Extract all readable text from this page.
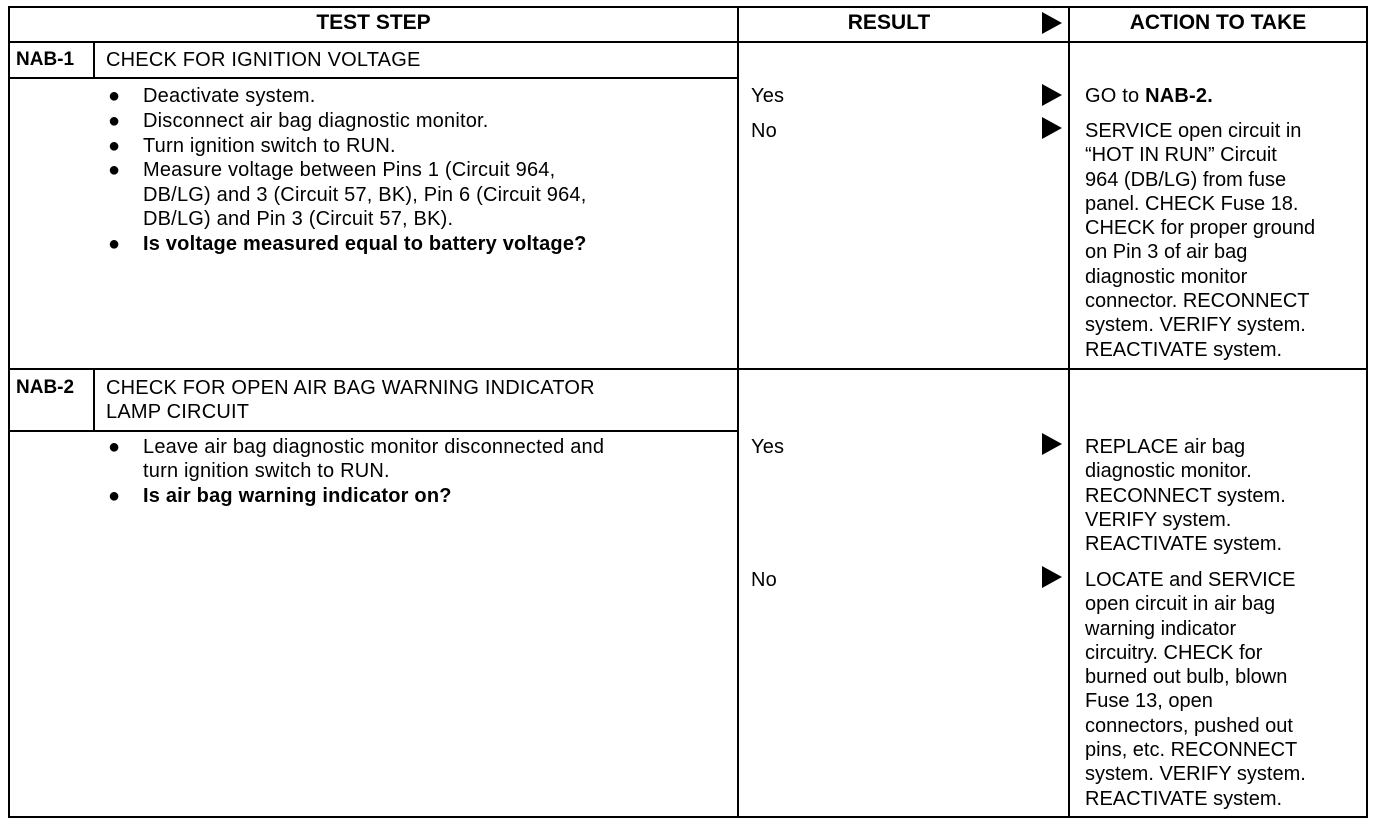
TEST STEP	RESULT	ACTION TO TAKE
NAB-1 CHECK FOR IGNITION VOLTAGE
● Deactivate system.
● Disconnect air bag diagnostic monitor.
● Turn ignition switch to RUN.
● Measure voltage between Pins 1 (Circuit 964,
DB/LG) and 3 (Circuit 57, BK), Pin 6 (Circuit 964,
DB/LG) and Pin 3 (Circuit 57, BK).
● Is voltage measured equal to battery voltage?
Yes	GO to NAB-2.
No	SERVICE open circuit in
“HOT IN RUN” Circuit
964 (DB/LG) from fuse
panel. CHECK Fuse 18.
CHECK for proper ground
on Pin 3 of air bag
diagnostic monitor
connector. RECONNECT
system. VERIFY system.
REACTIVATE system.
NAB-2 CHECK FOR OPEN AIR BAG WARNING INDICATOR
LAMP CIRCUIT
● Leave air bag diagnostic monitor disconnected and
turn ignition switch to RUN.
● Is air bag warning indicator on?
Yes	REPLACE air bag
diagnostic monitor.
RECONNECT system.
VERIFY system.
REACTIVATE system.
No	LOCATE and SERVICE
open circuit in air bag
warning indicator
circuitry. CHECK for
burned out bulb, blown
Fuse 13, open
connectors, pushed out
pins, etc. RECONNECT
system. VERIFY system.
REACTIVATE system.
